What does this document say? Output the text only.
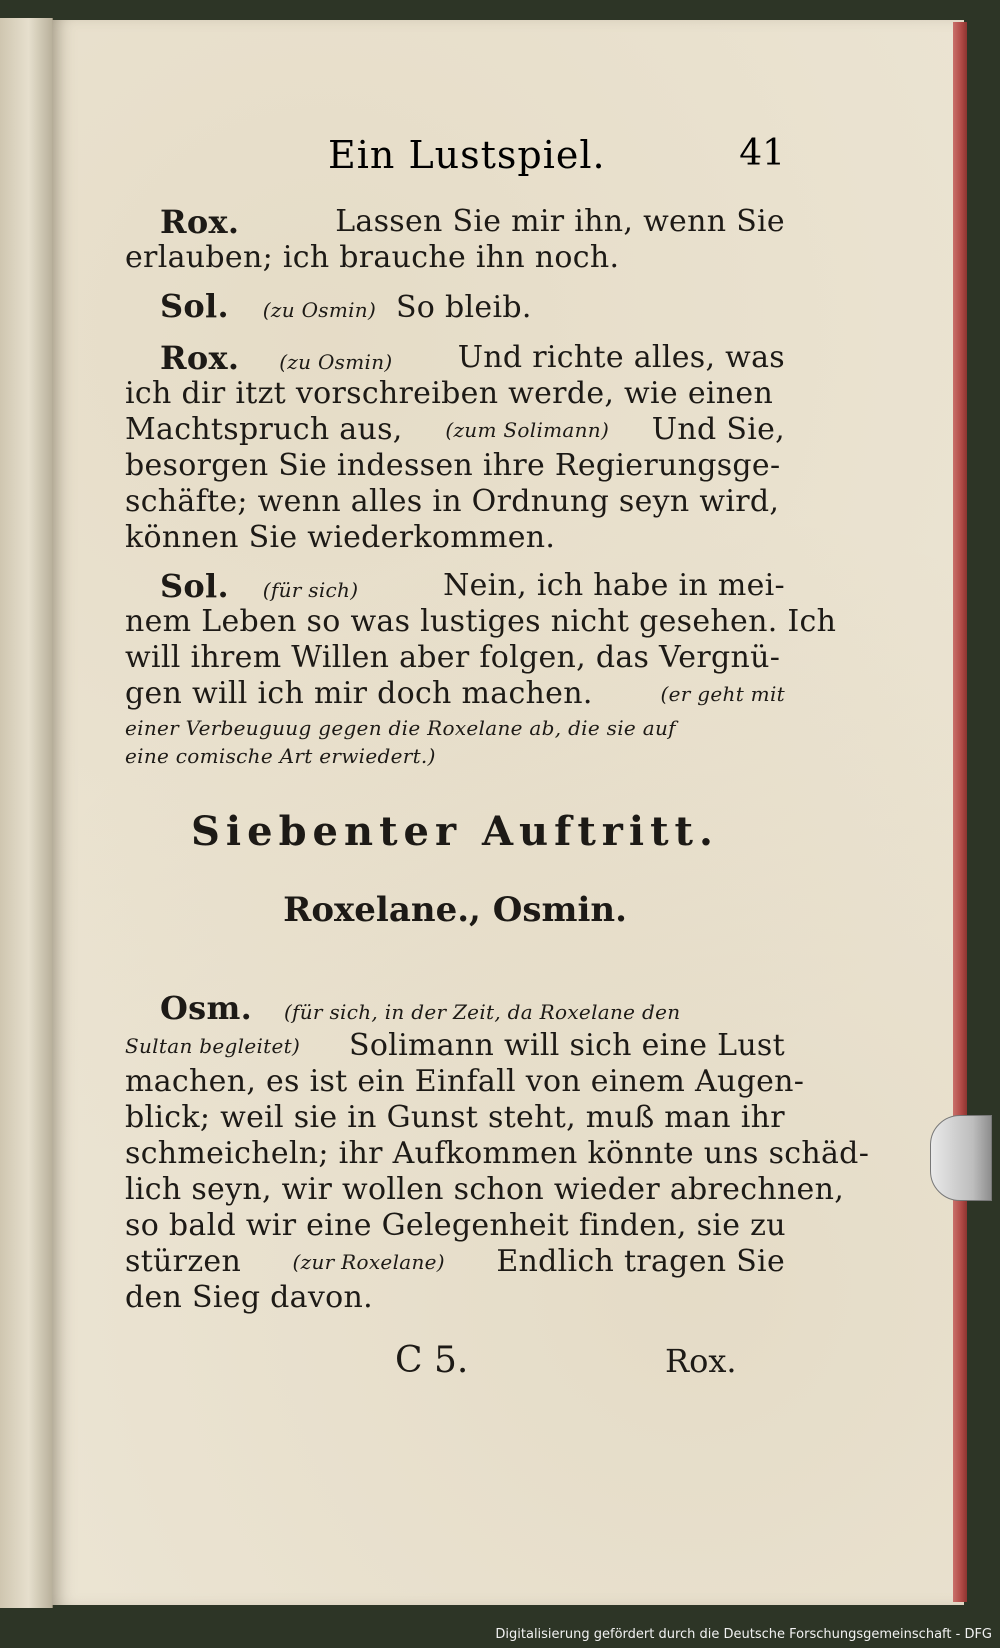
Ein Lustspiel.	41
Rox.	Lassen Sie mir ihn, wenn Sie
erlauben; ich brauche ihn noch.
Sol. (zu Osmin) So bleib.
Rox. (zu Osmin) Und richte alles, was
ich dir itzt vorschreiben werde, wie einen
Machtspruch aus, (zum Solimann) Und Sie,
besorgen Sie indessen ihre Regierungsge-
schäfte; wenn alles in Ordnung seyn wird,
können Sie wiederkommen.
Sol. (für sich)	Nein, ich habe in mei-
nem Leben so was lustiges nicht gesehen. Ich
will ihrem Willen aber folgen, das Vergnü-
gen will ich mir doch machen.	(er geht mit
einer Verbeuguug gegen die Roxelane ab, die sie auf
eine comische Art erwiedert.)
Siebenter Auftritt.
Roxelane., Osmin.
Osm. (für sich, in der Zeit, da Roxelane den
Sultan begleitet) Solimann will sich eine Lust
machen, es ist ein Einfall von einem Augen-
blick; weil sie in Gunst steht, muß man ihr
schmeicheln; ihr Aufkommen könnte uns schäd-
lich seyn, wir wollen schon wieder abrechnen,
so bald wir eine Gelegenheit finden, sie zu
stürzen	(zur Roxelane) Endlich tragen Sie
den Sieg davon.
C 5.	Rox.
Digitalisierung gefördert durch die Deutsche Forschungsgemeinschaft - DFG
